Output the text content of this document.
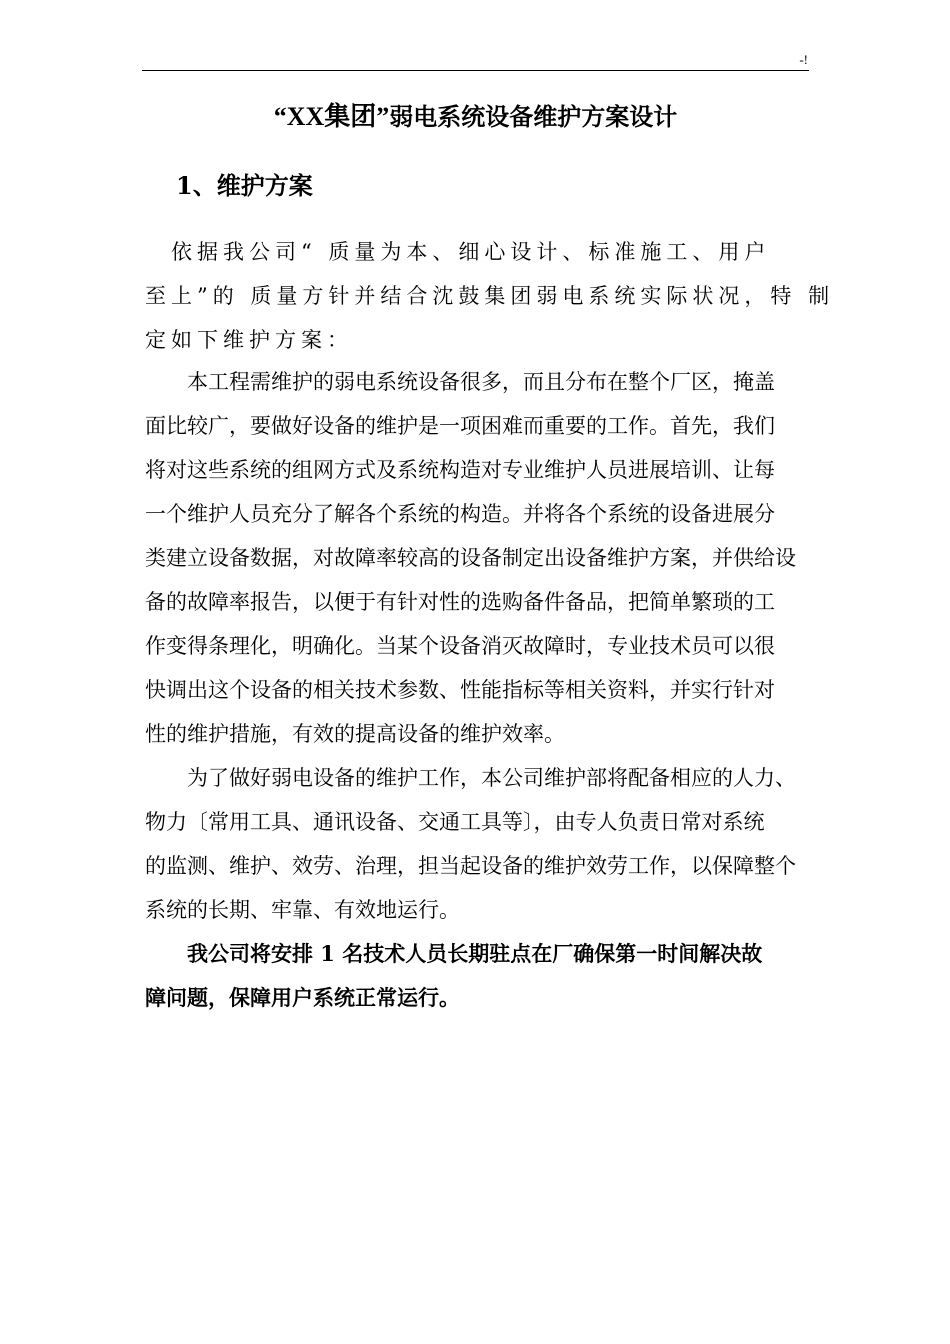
-!
“XX集团”弱电系统设备维护方案设计
1、维护方案
　依据我公司“ 质量为本、细心设计、标准施工、用户
至上”的 质量方针并结合沈鼓集团弱电系统实际状况，特 制
定如下维护方案：
　　本工程需维护的弱电系统设备很多，而且分布在整个厂区，掩盖
面比较广，要做好设备的维护是一项困难而重要的工作。首先，我们
将对这些系统的组网方式及系统构造对专业维护人员进展培训、让每
一个维护人员充分了解各个系统的构造。并将各个系统的设备进展分
类建立设备数据，对故障率较高的设备制定出设备维护方案，并供给设
备的故障率报告，以便于有针对性的选购备件备品，把简单繁琐的工
作变得条理化，明确化。当某个设备消灭故障时，专业技术员可以很
快调出这个设备的相关技术参数、性能指标等相关资料，并实行针对
性的维护措施，有效的提高设备的维护效率。
　　为了做好弱电设备的维护工作，本公司维护部将配备相应的人力、
物力〔常用工具、通讯设备、交通工具等〕，由专人负责日常对系统
的监测、维护、效劳、治理，担当起设备的维护效劳工作，以保障整个
系统的长期、牢靠、有效地运行。
　　我公司将安排 1 名技术人员长期驻点在厂确保第一时间解决故
障问题，保障用户系统正常运行。
